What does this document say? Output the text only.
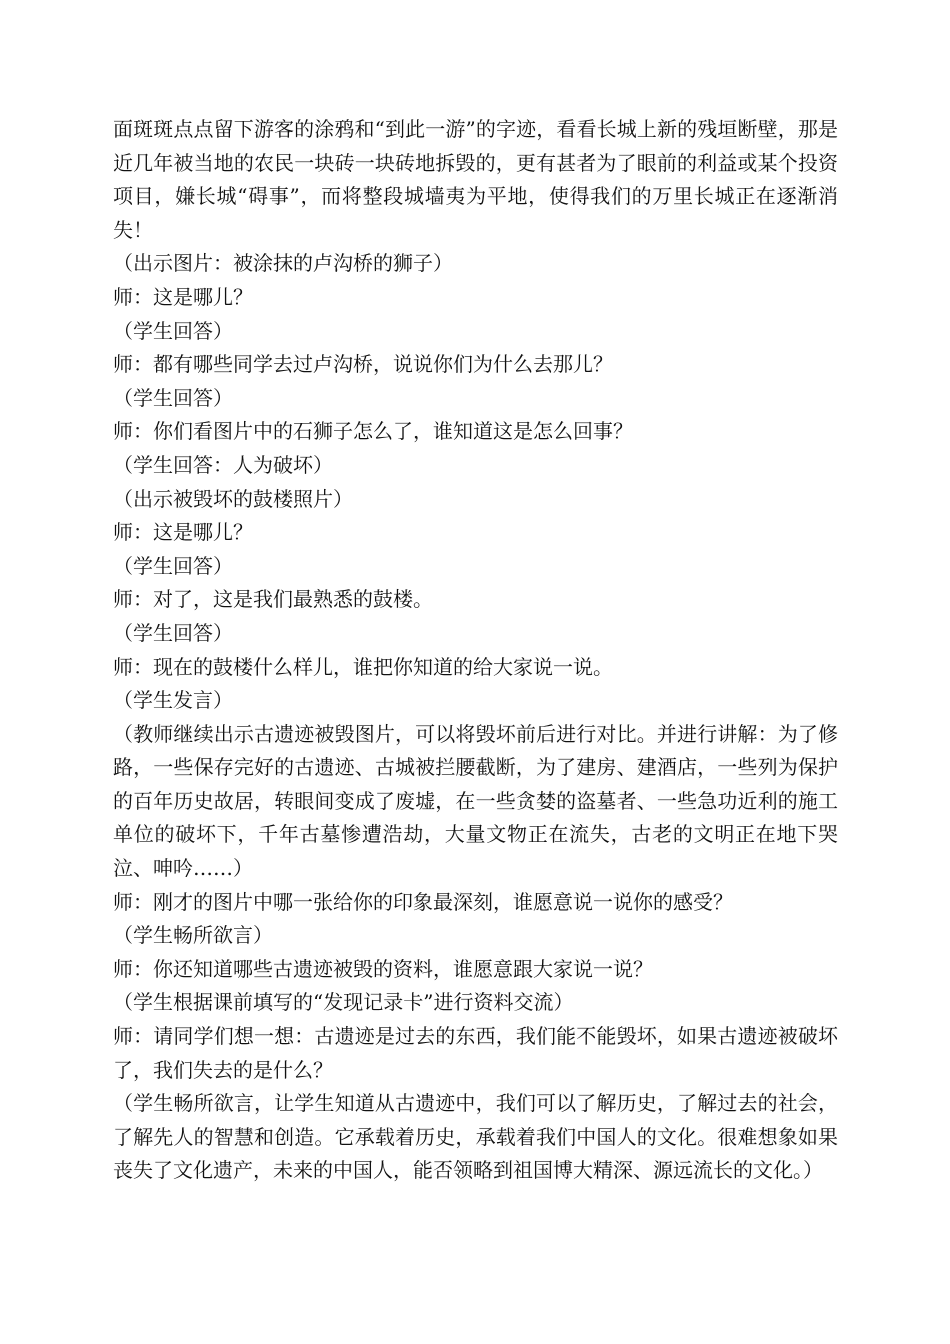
面斑斑点点留下游客的涂鸦和“到此一游”的字迹，看看长城上新的残垣断壁，那是近几年被当地的农民一块砖一块砖地拆毁的，更有甚者为了眼前的利益或某个投资项目，嫌长城“碍事”，而将整段城墙夷为平地，使得我们的万里长城正在逐渐消失！

（出示图片：被涂抹的卢沟桥的狮子）

师：这是哪儿？

（学生回答）

师：都有哪些同学去过卢沟桥，说说你们为什么去那儿？

（学生回答）

师：你们看图片中的石狮子怎么了，谁知道这是怎么回事？

（学生回答：人为破坏）

（出示被毁坏的鼓楼照片）

师：这是哪儿？

（学生回答）

师：对了，这是我们最熟悉的鼓楼。

（学生回答）

师：现在的鼓楼什么样儿，谁把你知道的给大家说一说。

（学生发言）

（教师继续出示古遗迹被毁图片，可以将毁坏前后进行对比。并进行讲解：为了修路，一些保存完好的古遗迹、古城被拦腰截断，为了建房、建酒店，一些列为保护的百年历史故居，转眼间变成了废墟，在一些贪婪的盗墓者、一些急功近利的施工单位的破坏下，千年古墓惨遭浩劫，大量文物正在流失，古老的文明正在地下哭泣、呻吟……）

师：刚才的图片中哪一张给你的印象最深刻，谁愿意说一说你的感受？

（学生畅所欲言）

师：你还知道哪些古遗迹被毁的资料，谁愿意跟大家说一说？

（学生根据课前填写的“发现记录卡”进行资料交流）

师：请同学们想一想：古遗迹是过去的东西，我们能不能毁坏，如果古遗迹被破坏了，我们失去的是什么？

（学生畅所欲言，让学生知道从古遗迹中，我们可以了解历史，了解过去的社会，了解先人的智慧和创造。它承载着历史，承载着我们中国人的文化。很难想象如果丧失了文化遗产，未来的中国人，能否领略到祖国博大精深、源远流长的文化。）
